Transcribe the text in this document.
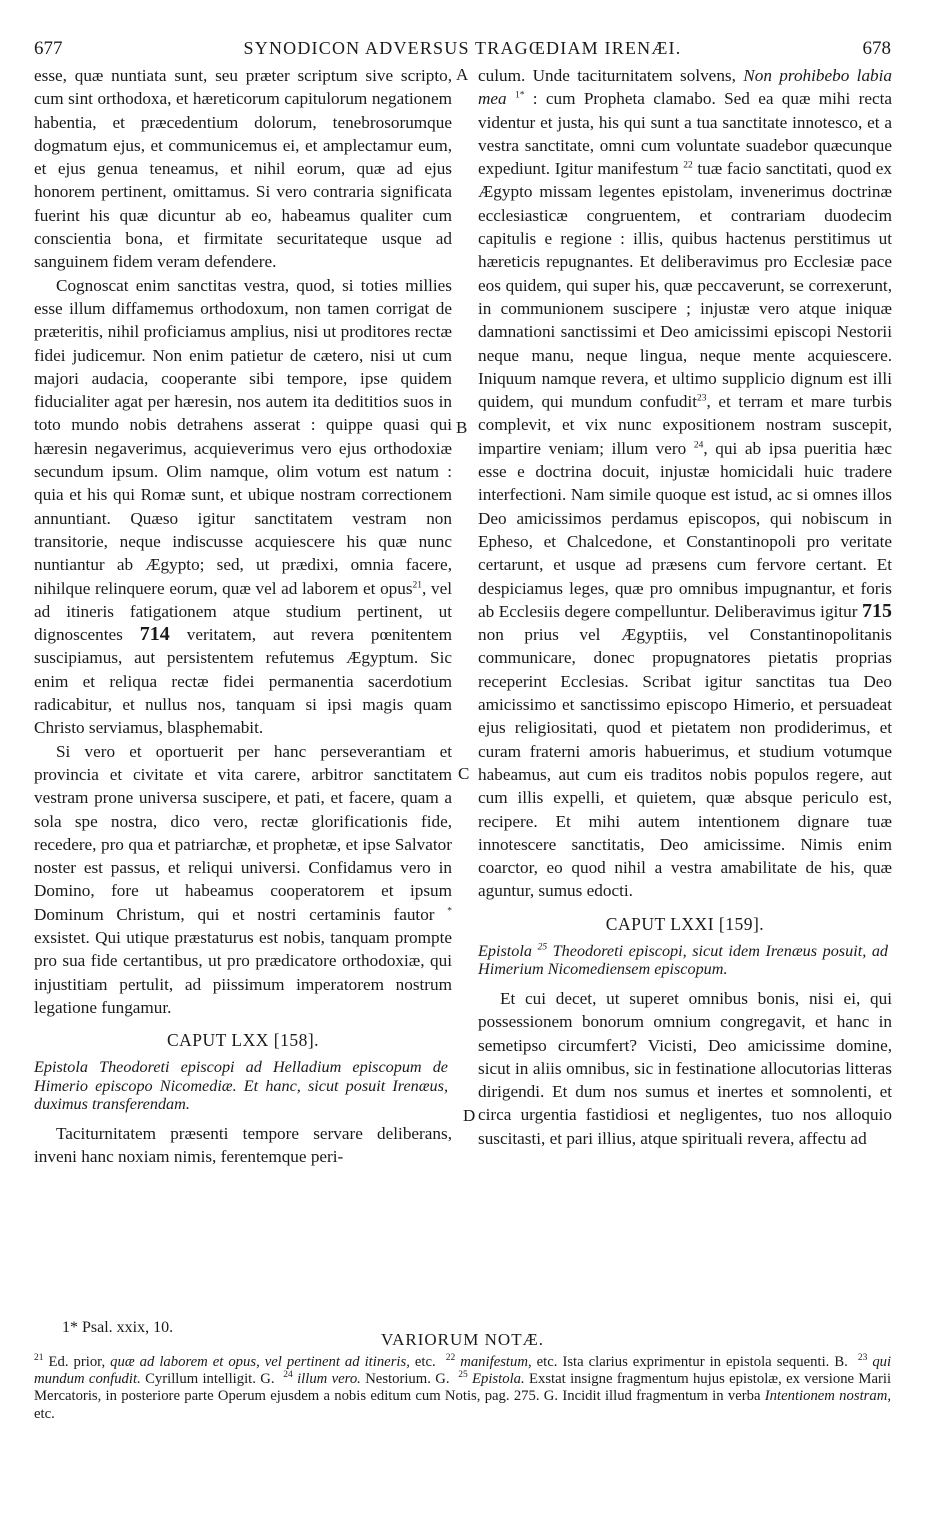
677	SYNODICON ADVERSUS TRAGŒDIAM IRENÆI.	678
A
B
C
D

esse, quæ nuntiata sunt, seu præter scriptum sive scripto, cum sint orthodoxa, et hæreticorum capitulorum negationem habentia, et præcedentium dolorum, tenebrosorumque dogmatum ejus, et communicemus ei, et amplectamur eum, et ejus genua teneamus, et nihil eorum, quæ ad ejus honorem pertinent, omittamus. Si vero contraria significata fuerint his quæ dicuntur ab eo, habeamus qualiter cum conscientia bona, et firmitate securitateque usque ad sanguinem fidem veram defendere.

Cognoscat enim sanctitas vestra, quod, si toties millies esse illum diffamemus orthodoxum, non tamen corrigat de præteritis, nihil proficiamus amplius, nisi ut proditores rectæ fidei judicemur. Non enim patietur de cætero, nisi ut cum majori audacia, cooperante sibi tempore, ipse quidem fiducialiter agat per hæresin, nos autem ita dedititios suos in toto mundo nobis detrahens asserat : quippe quasi qui hæresin negaverimus, acquieverimus vero ejus orthodoxiæ secundum ipsum. Olim namque, olim votum est natum : quia et his qui Romæ sunt, et ubique nostram correctionem annuntiant. Quæso igitur sanctitatem vestram non transitorie, neque indiscusse acquiescere his quæ nunc nuntiantur ab Ægypto; sed, ut prædixi, omnia facere, nihilque relinquere eorum, quæ vel ad laborem et opus$^{21}$, vel ad itineris fatigationem atque studium pertinent, ut dignoscentes 714 veritatem, aut revera pœnitentem suscipiamus, aut persistentem refutemus Ægyptum. Sic enim et reliqua rectæ fidei permanentia sacerdotium radicabitur, et nullus nos, tanquam si ipsi magis quam Christo serviamus, blasphemabit.

Si vero et oportuerit per hanc perseverantiam et provincia et civitate et vita carere, arbitror sanctitatem vestram prone universa suscipere, et pati, et facere, quam a sola spe nostra, dico vero, rectæ glorificationis fide, recedere, pro qua et patriarchæ, et prophetæ, et ipse Salvator noster est passus, et reliqui universi. Confidamus vero in Domino, fore ut habeamus cooperatorem et ipsum Dominum Christum, qui et nostri certaminis fautor * exsistet. Qui utique præstaturus est nobis, tanquam prompte pro sua fide certantibus, ut pro prædicatore orthodoxiæ, qui injustitiam pertulit, ad piissimum imperatorem nostrum legatione fungamur.

CAPUT LXX [158].
Epistola Theodoreti episcopi ad Helladium episcopum de Himerio episcopo Nicomediæ. Et hanc, sicut posuit Irenæus, duximus transferendam.

Taciturnitatem præsenti tempore servare deliberans, inveni hanc noxiam nimis, ferentemque peri-

culum. Unde taciturnitatem solvens, Non prohibebo labia mea $^{1*}$ : cum Propheta clamabo. Sed ea quæ mihi recta videntur et justa, his qui sunt a tua sanctitate innotesco, et a vestra sanctitate, omni cum voluntate suadebor quæcunque expediunt. Igitur manifestum $^{22}$ tuæ facio sanctitati, quod ex Ægypto missam legentes epistolam, invenerimus doctrinæ ecclesiasticæ congruentem, et contrariam duodecim capitulis e regione : illis, quibus hactenus perstitimus ut hæreticis repugnantes. Et deliberavimus pro Ecclesiæ pace eos quidem, qui super his, quæ peccaverunt, se correxerunt, in communionem suscipere ; injustæ vero atque iniquæ damnationi sanctissimi et Deo amicissimi episcopi Nestorii neque manu, neque lingua, neque mente acquiescere. Iniquum namque revera, et ultimo supplicio dignum est illi quidem, qui mundum confudit$^{23}$, et terram et mare turbis complevit, et vix nunc expositionem nostram suscepit, impartire veniam; illum vero $^{24}$, qui ab ipsa pueritia hæc esse e doctrina docuit, injustæ homicidali huic tradere interfectioni. Nam simile quoque est istud, ac si omnes illos Deo amicissimos perdamus episcopos, qui nobiscum in Epheso, et Chalcedone, et Constantinopoli pro veritate certarunt, et usque ad præsens cum fervore certant. Et despiciamus leges, quæ pro omnibus impugnantur, et foris ab Ecclesiis degere compelluntur. Deliberavimus igitur 715 non prius vel Ægyptiis, vel Constantinopolitanis communicare, donec propugnatores pietatis proprias receperint Ecclesias. Scribat igitur sanctitas tua Deo amicissimo et sanctissimo episcopo Himerio, et persuadeat ejus religiositati, quod et pietatem non prodiderimus, et curam fraterni amoris habuerimus, et studium votumque habeamus, aut cum eis traditos nobis populos regere, aut cum illis expelli, et quietem, quæ absque periculo est, recipere. Et mihi autem intentionem dignare tuæ innotescere sanctitatis, Deo amicissime. Nimis enim coarctor, eo quod nihil a vestra amabilitate de his, quæ aguntur, sumus edocti.

CAPUT LXXI [159].
Epistola $^{25}$ Theodoreti episcopi, sicut idem Irenæus posuit, ad Himerium Nicomediensem episcopum.

Et cui decet, ut superet omnibus bonis, nisi ei, qui possessionem bonorum omnium congregavit, et hanc in semetipso circumfert? Vicisti, Deo amicissime domine, sicut in aliis omnibus, sic in festinatione allocutorias litteras dirigendi. Et dum nos sumus et inertes et somnolenti, et circa urgentia fastidiosi et negligentes, tuo nos alloquio suscitasti, et pari illius, atque spirituali revera, affectu ad

1* Psal. xxix, 10.
VARIORUM NOTÆ.

$^{21}$ Ed. prior, quæ ad laborem et opus, vel pertinent ad itineris, etc. $^{22}$ manifestum, etc. Ista clarius exprimentur in epistola sequenti. B. $^{23}$ qui mundum confudit. Cyrillum intelligit. G. $^{24}$ illum vero. Nestorium. G. $^{25}$ Epistola. Exstat insigne fragmentum hujus epistolæ, ex versione Marii Mercatoris, in posteriore parte Operum ejusdem a nobis editum cum Notis, pag. 275. G. Incidit illud fragmentum in verba Intentionem nostram, etc.
